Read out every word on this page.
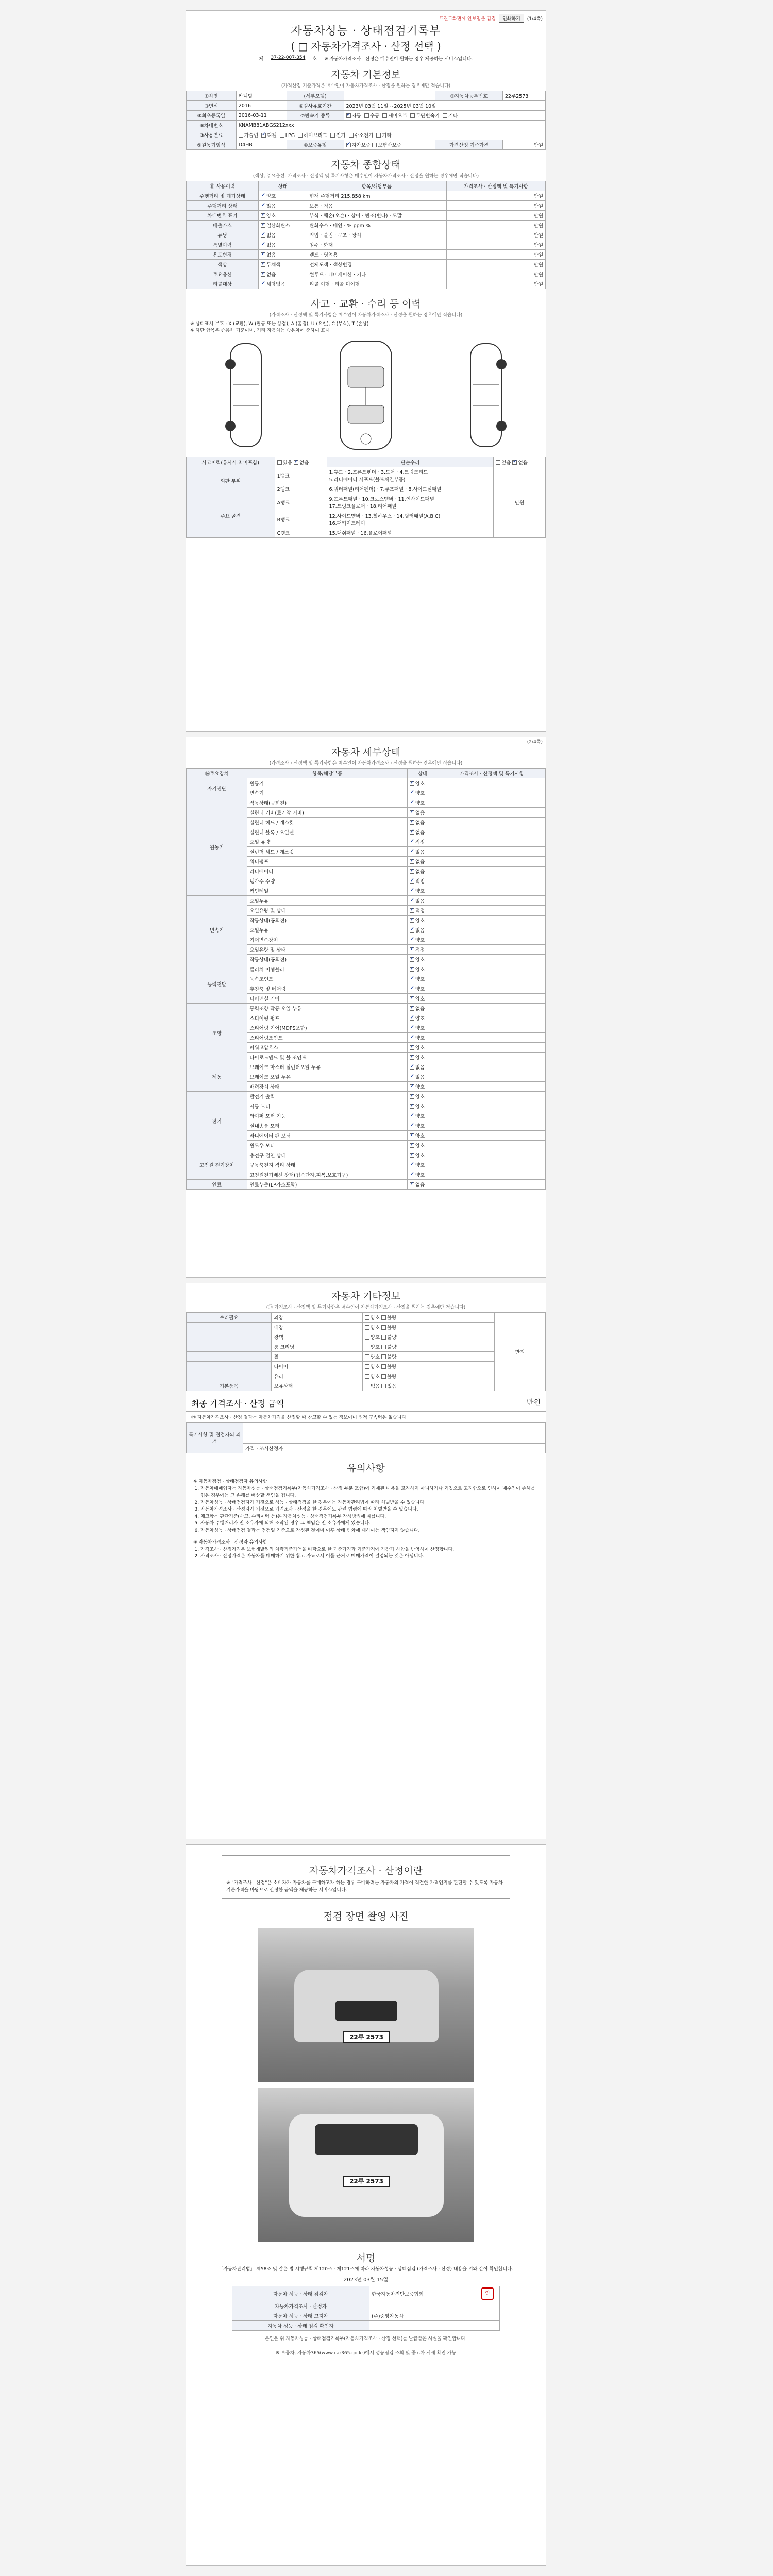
프린트화면에 안보임을 감김	인쇄하기	(1/4쪽)
자동차성능 · 상태점검기록부
( □ 자동차가격조사 · 산정 선택 )
제 37-22-007-354 호 ※ 자동차가격조사 · 산정은 매수인이 원하는 경우 제공하는 서비스입니다.
자동차 기본정보
(가격산정 기준가격은 매수인이 자동차가격조사 · 산정을 원하는 경우에만 적습니다)
①차명	카니발	(세부모델)		②자동차등록번호	22루2573
③연식	2016	④검사유효기간	2023년 03월 11일 ~2025년 03월 10일		
⑤최초등록일	2016-03-11	⑦변속기 종류	✔자동 수동 세미오토 무단변속기 기타
⑥차대번호	KNAMB81ABGS212xxx				
⑧사용연료	가솔린 ✔ 디젤 LPG 하이브리드 전기 수소전기 기타
⑨원동기형식	D4HB	⑩보증유형	✔자가보증 보험사보증	가격산정 기준가격	만원
자동차 종합상태
(색상, 주요옵션, 가격조사 · 산정액 및 특기사항은 매수인이 자동차가격조사 · 산정을 원하는 경우에만 적습니다)
⑪ 사용이력	상태	항목/해당부품	가격조사 · 산정액 및 특기사항
주행거리 및 계기상태	✔양호	현재 주행거리 215,858 km	만원
주행거리 상태	✔많음	보통 · 적음	만원
차대번호 표기	✔양호	부식 · 훼손(오손) · 상이 · 변조(변타) · 도말	만원
배출가스	✔일산화탄소	탄화수소 · 매연 · % ppm %	만원
튜닝	✔없음	적법 · 불법 · 구조 · 장치	만원
특별이력	✔없음	침수 · 화재	만원
용도변경	✔없음	렌트 · 영업용	만원
색상	✔무채색	전체도색 · 색상변경	만원
주요옵션	✔없음	썬루프 · 네비게이션 · 기타	만원
리콜대상	✔해당없음	리콜 이행 · 리콜 미이행	만원
사고 · 교환 · 수리 등 이력
(가격조사 · 산정액 및 특기사항은 매수인이 자동차가격조사 · 산정을 원하는 경우에만 적습니다)
※ 상태표시 부호 : X (교환), W (판금 또는 용접), A (흠집), U (요철), C (부식), T (손상)
※ 하단 항목은 승용차 기준이며, 기타 자동차는 승용차에 준하여 표시
사고이력(유사사고 미포함)	있음 ✔ 없음	단순수리	있음 ✔ 없음
외판 부위	1랭크	1.후드 · 2.프론트펜더 · 3.도어 · 4.트렁크리드
5.라디에이터 서포트(볼트체결부품)	만원
	2랭크	6.쿼터패널(리어펜더) · 7.루프패널 · 8.사이드실패널	
주요 골격	A랭크	9.프론트패널 · 10.크로스멤버 · 11.인사이드패널
17.트렁크플로어 · 18.리어패널	
	B랭크	12.사이드멤버 · 13.휠하우스 · 14.필러패널(A,B,C)
16.패키지트레이	
	C랭크	15.대쉬패널 · 16.플로어패널	
(2/4쪽)
자동차 세부상태
(가격조사 · 산정액 및 특기사항은 매수인이 자동차가격조사 · 산정을 원하는 경우에만 적습니다)
⑯주요장치	항목/해당부품	상태	가격조사 · 산정액 및 특기사항
자기진단	원동기	✔양호	
	변속기	✔양호	
원동기	작동상태(공회전)	✔양호	
	실린더 커버(로커암 커버)	✔없음	
	실린더 헤드 / 개스킷	✔없음	
	실린더 블록 / 오일팬	✔없음	
	오일 유량	✔적정	
	실린더 헤드 / 개스킷	✔없음	
	워터펌프	✔없음	
	라디에이터	✔없음	
	냉각수 수량	✔적정	
	커먼레일	✔양호	
변속기	오일누유	✔없음	
	오일유량 및 상태	✔적정	
	작동상태(공회전)	✔양호	
	오일누유	✔없음	
	기어변속장치	✔양호	
	오일유량 및 상태	✔적정	
	작동상태(공회전)	✔양호	
동력전달	클러치 어셈블리	✔양호	
	등속조인트	✔양호	
	추진축 및 베어링	✔양호	
	디퍼렌셜 기어	✔양호	
조향	동력조향 작동 오일 누유	✔없음	
	스티어링 펌프	✔양호	
	스티어링 기어(MDPS포함)	✔양호	
	스티어링조인트	✔양호	
	파워고압호스	✔양호	
	타이로드엔드 및 볼 조인트	✔양호	
제동	브레이크 마스터 실린더오일 누유	✔없음	
	브레이크 오일 누유	✔없음	
	배력장치 상태	✔양호	
전기	발전기 출력	✔양호	
	시동 모터	✔양호	
	와이퍼 모터 기능	✔양호	
	실내송풍 모터	✔양호	
	라디에이터 팬 모터	✔양호	
	윈도우 모터	✔양호	
고전원 전기장치	충전구 절연 상태	✔양호	
	구동축전지 격리 상태	✔양호	
	고전원전기배선 상태(접속단자,피복,보호기구)	✔양호	
연료	연료누출(LP가스포함)	✔없음	
자동차 기타정보
(⑰ 가격조사 · 산정액 및 특기사항은 매수인이 자동차가격조사 · 산정을 원하는 경우에만 적습니다)
수리필요	외장	양호 불량	만원
	내장	양호 불량	
	광택	양호 불량	
	룸 크리닝	양호 불량	
	휠	양호 불량	
	타이어	양호 불량	
	유리	양호 불량	
기본품목	보유상태	없음 있음	
최종 가격조사 · 산정 금액	만원
⑲ 자동차가격조사 · 산정 결과는 자동차가격을 산정할 때 참고할 수 있는 정보이며 법적 구속력은 없습니다.
특기사항 및 점검자의 의견	
가격 · 조사산정자
유의사항
※ 자동차점검 · 상태점검자 유의사항
1. 자동차매매업자는 자동차성능 · 상태점검기록부(자동차가격조사 · 산정 부분 포함)에 기재된 내용을 고지하지 아니하거나 거짓으로 고지함으로 인하여 매수인이 손해를 입은 경우에는 그 손해를 배상할 책임을 집니다.
2. 자동차성능 · 상태점검자가 거짓으로 성능 · 상태점검을 한 경우에는 자동차관리법에 따라 처벌받을 수 있습니다.
3. 자동차가격조사 · 산정자가 거짓으로 가격조사 · 산정을 한 경우에도 관련 법령에 따라 처벌받을 수 있습니다.
4. 체크항목 판단기준(사고, 수리이력 등)은 자동차성능 · 상태점검기록부 작성방법에 따릅니다.
5. 자동차 주행거리가 전 소유자에 의해 조작된 경우 그 책임은 전 소유자에게 있습니다.
6. 자동차성능 · 상태점검 결과는 점검일 기준으로 작성된 것이며 이후 상태 변화에 대하여는 책임지지 않습니다.
※ 자동차가격조사 · 산정자 유의사항
1. 가격조사 · 산정가격은 보험개발원의 차량기준가액을 바탕으로 한 기준가격과 기준가격에 가감가 사항을 반영하여 산정합니다.
2. 가격조사 · 산정가격은 자동차를 매매하기 위한 참고 자료로서 이를 근거로 매매가격이 결정되는 것은 아닙니다.
자동차가격조사 · 산정이란
※ "가격조사 · 산정"은 소비자가 자동차를 구매하고자 하는 경우 구매하려는 자동차의 가격이 적절한 가격인지를 판단할 수 있도록 자동차 기준가격을 바탕으로 산정한 금액을 제공하는 서비스입니다.
점검 장면 촬영 사진
22루 2573
22루 2573
서명
「자동차관리법」 제58조 및 같은 법 시행규칙 제120조 · 제121조에 따라 자동차성능 · 상태점검 (가격조사 · 산정) 내용을 위와 같이 확인합니다.
2023년 03월 15일
자동차 성능 · 상태 점검자	한국자동차진단보증협회	인
자동차가격조사 · 산정자		
자동차 성능 · 상태 고지자	(주)중앙자동차	
자동차 성능 · 상태 점검 확인자		
본인은 위 자동차성능 · 상태점검기록부(자동차가격조사 · 산정 선택)를 발급받은 사실을 확인합니다.
※ 보증차, 자동차365(www.car365.go.kr)에서 성능점검 조회 및 중고차 시세 확인 가능
